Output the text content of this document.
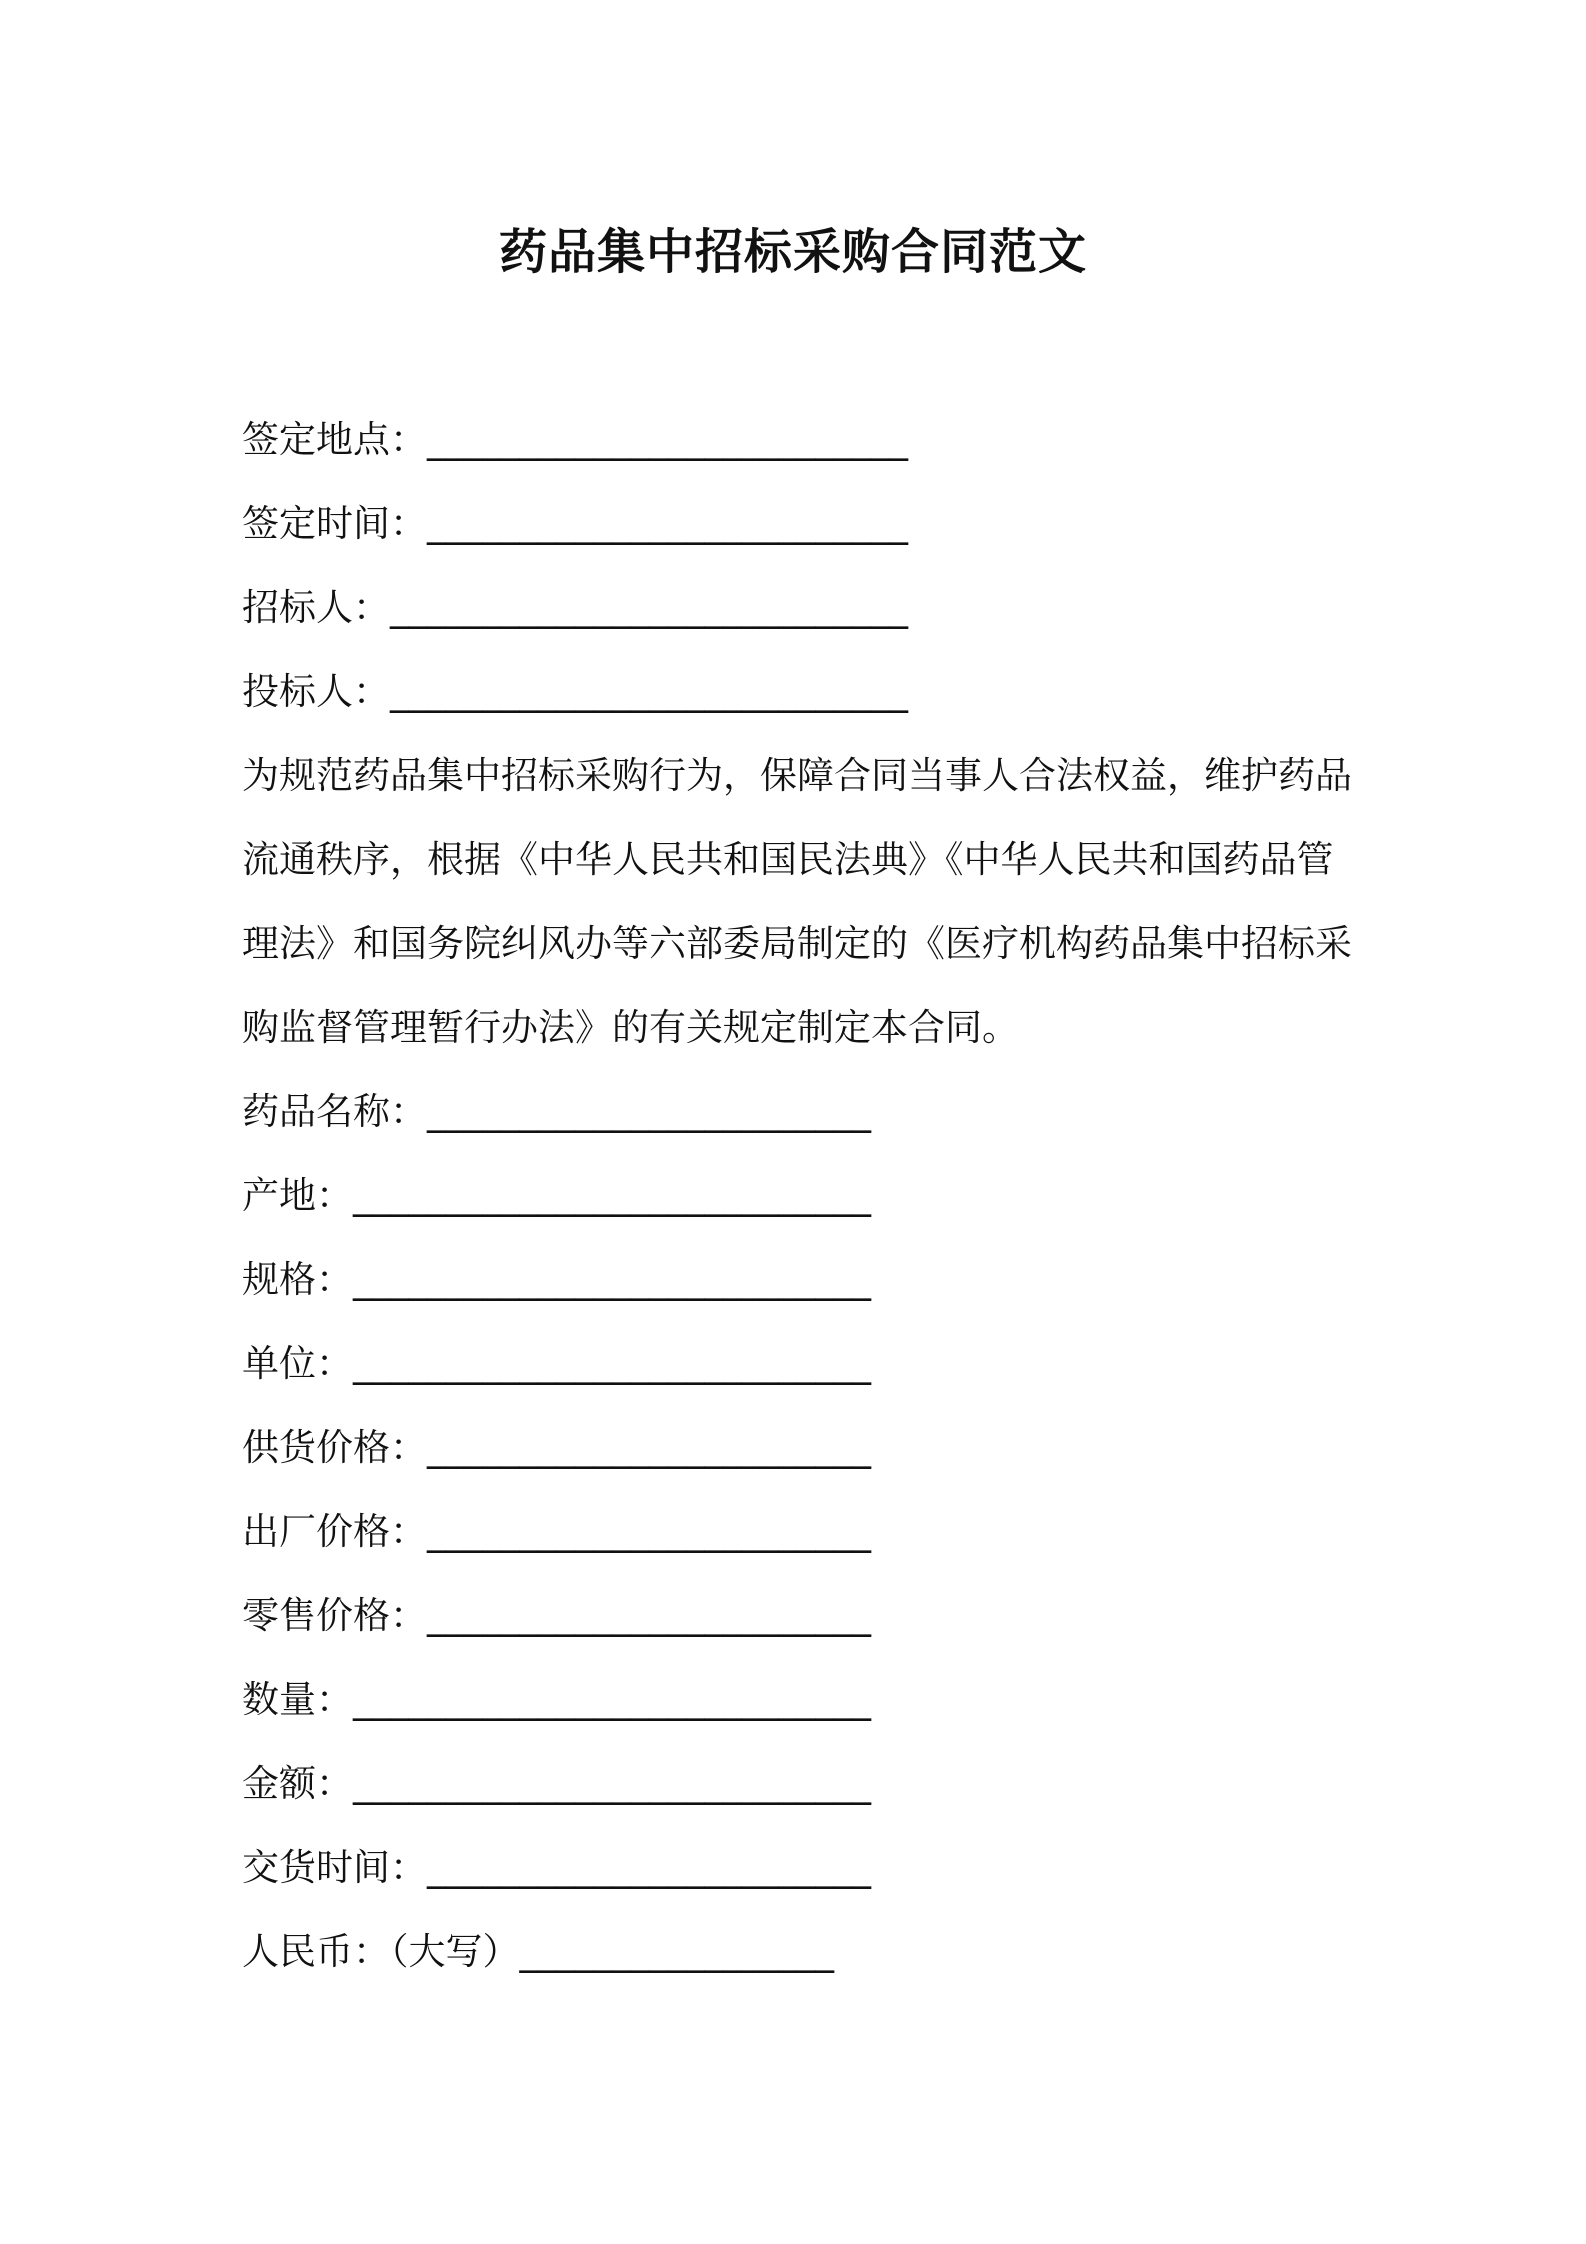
药品集中招标采购合同范文
签定地点：__________________________
签定时间：__________________________
招标人：____________________________
投标人：____________________________
为规范药品集中招标采购行为，保障合同当事人合法权益，维护药品
流通秩序，根据《中华人民共和国民法典》《中华人民共和国药品管
理法》和国务院纠风办等六部委局制定的《医疗机构药品集中招标采
购监督管理暂行办法》的有关规定制定本合同。
药品名称：________________________
产地：____________________________
规格：____________________________
单位：____________________________
供货价格：________________________
出厂价格：________________________
零售价格：________________________
数量：____________________________
金额：____________________________
交货时间：________________________
人民币：（大写）_________________
